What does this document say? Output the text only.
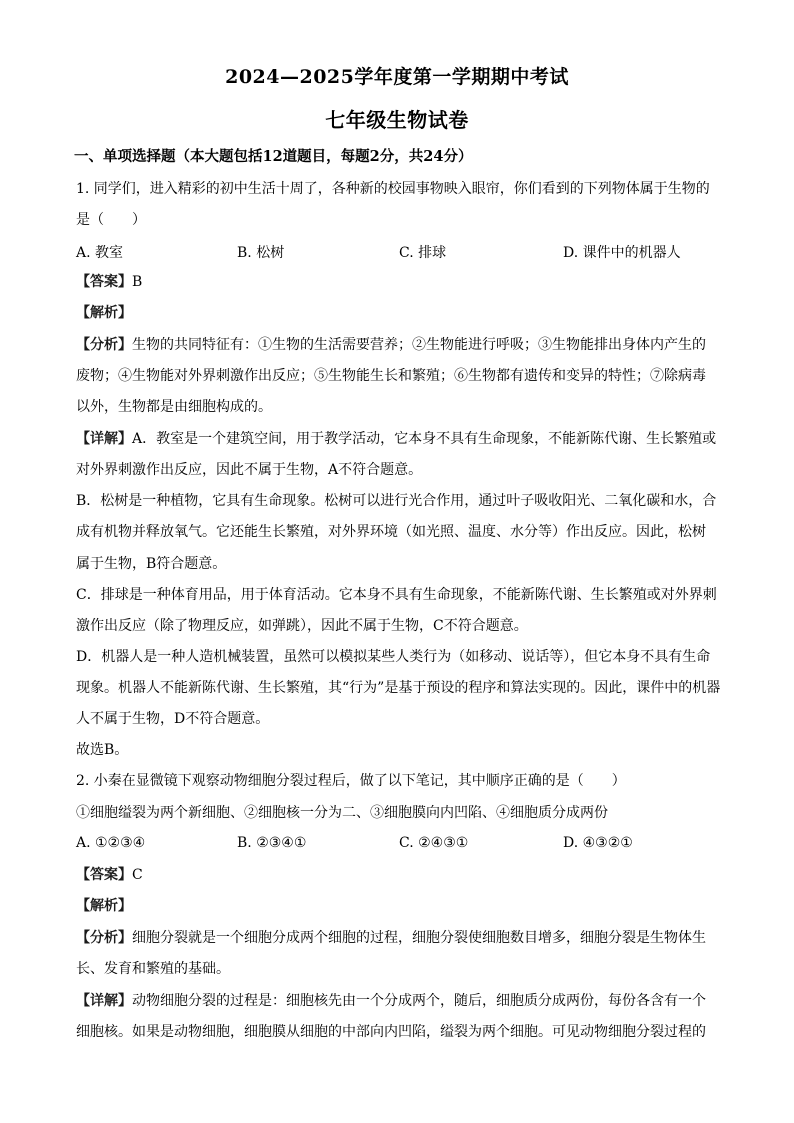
2024—2025学年度第一学期期中考试
七年级生物试卷
一、单项选择题（本大题包括12道题目，每题2分，共24分）
1. 同学们，进入精彩的初中生活十周了，各种新的校园事物映入眼帘，你们看到的下列物体属于生物的
是（　　）
A. 教室	B. 松树	C. 排球	D. 课件中的机器人
【答案】B
【解析】
【分析】生物的共同特征有：①生物的生活需要营养；②生物能进行呼吸；③生物能排出身体内产生的
废物；④生物能对外界刺激作出反应；⑤生物能生长和繁殖；⑥生物都有遗传和变异的特性；⑦除病毒
以外，生物都是由细胞构成的。
【详解】A．教室是一个建筑空间，用于教学活动，它本身不具有生命现象，不能新陈代谢、生长繁殖或
对外界刺激作出反应，因此不属于生物，A不符合题意。
B．松树是一种植物，它具有生命现象。松树可以进行光合作用，通过叶子吸收阳光、二氧化碳和水，合
成有机物并释放氧气。它还能生长繁殖，对外界环境（如光照、温度、水分等）作出反应。因此，松树
属于生物，B符合题意。
C．排球是一种体育用品，用于体育活动。它本身不具有生命现象，不能新陈代谢、生长繁殖或对外界刺
激作出反应（除了物理反应，如弹跳），因此不属于生物，C不符合题意。
D．机器人是一种人造机械装置，虽然可以模拟某些人类行为（如移动、说话等），但它本身不具有生命
现象。机器人不能新陈代谢、生长繁殖，其“行为”是基于预设的程序和算法实现的。因此，课件中的机器
人不属于生物，D不符合题意。
故选B。
2. 小秦在显微镜下观察动物细胞分裂过程后，做了以下笔记，其中顺序正确的是（　　）
①细胞缢裂为两个新细胞、②细胞核一分为二、③细胞膜向内凹陷、④细胞质分成两份
A. ①②③④	B. ②③④①	C. ②④③①	D. ④③②①
【答案】C
【解析】
【分析】细胞分裂就是一个细胞分成两个细胞的过程，细胞分裂使细胞数目增多，细胞分裂是生物体生
长、发育和繁殖的基础。
【详解】动物细胞分裂的过程是：细胞核先由一个分成两个，随后，细胞质分成两份，每份各含有一个
细胞核。如果是动物细胞，细胞膜从细胞的中部向内凹陷，缢裂为两个细胞。可见动物细胞分裂过程的
